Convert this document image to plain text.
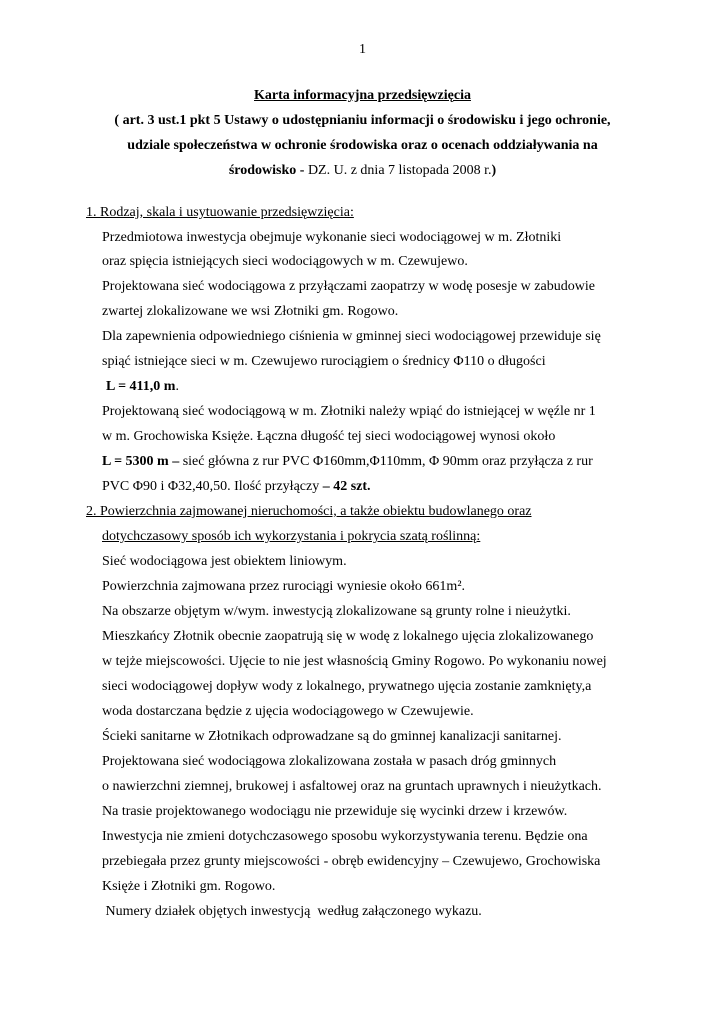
1
Karta informacyjna przedsięwzięcia
( art. 3 ust.1 pkt 5 Ustawy o udostępnianiu informacji o środowisku i jego ochronie,
udziale społeczeństwa w ochronie środowiska oraz o ocenach oddziaływania na
środowisko - DZ. U. z dnia 7 listopada 2008 r.)
1. Rodzaj, skala i usytuowanie przedsięwzięcia:
Przedmiotowa inwestycja obejmuje wykonanie sieci wodociągowej w m. Złotniki
oraz spięcia istniejących sieci wodociągowych w m. Czewujewo.
Projektowana sieć wodociągowa z przyłączami zaopatrzy w wodę posesje w zabudowie
zwartej zlokalizowane we wsi Złotniki gm. Rogowo.
Dla zapewnienia odpowiedniego ciśnienia w gminnej sieci wodociągowej przewiduje się
spiąć istniejące sieci w m. Czewujewo rurociągiem o średnicy Φ110 o długości
L = 411,0 m.
Projektowaną sieć wodociągową w m. Złotniki należy wpiąć do istniejącej w węźle nr 1
w m. Grochowiska Księże. Łączna długość tej sieci wodociągowej wynosi około
L = 5300 m – sieć główna z rur PVC Φ160mm,Φ110mm, Φ 90mm oraz przyłącza z rur
PVC Φ90 i Φ32,40,50. Ilość przyłączy – 42 szt.
2. Powierzchnia zajmowanej nieruchomości, a także obiektu budowlanego oraz
dotychczasowy sposób ich wykorzystania i pokrycia szatą roślinną:
Sieć wodociągowa jest obiektem liniowym.
Powierzchnia zajmowana przez rurociągi wyniesie około 661m².
Na obszarze objętym w/wym. inwestycją zlokalizowane są grunty rolne i nieużytki.
Mieszkańcy Złotnik obecnie zaopatrują się w wodę z lokalnego ujęcia zlokalizowanego
w tejże miejscowości. Ujęcie to nie jest własnością Gminy Rogowo. Po wykonaniu nowej
sieci wodociągowej dopływ wody z lokalnego, prywatnego ujęcia zostanie zamknięty,a
woda dostarczana będzie z ujęcia wodociągowego w Czewujewie.
Ścieki sanitarne w Złotnikach odprowadzane są do gminnej kanalizacji sanitarnej.
Projektowana sieć wodociągowa zlokalizowana została w pasach dróg gminnych
o nawierzchni ziemnej, brukowej i asfaltowej oraz na gruntach uprawnych i nieużytkach.
Na trasie projektowanego wodociągu nie przewiduje się wycinki drzew i krzewów.
Inwestycja nie zmieni dotychczasowego sposobu wykorzystywania terenu. Będzie ona
przebiegała przez grunty miejscowości - obręb ewidencyjny – Czewujewo, Grochowiska
Księże i Złotniki gm. Rogowo.
Numery działek objętych inwestycją  według załączonego wykazu.
